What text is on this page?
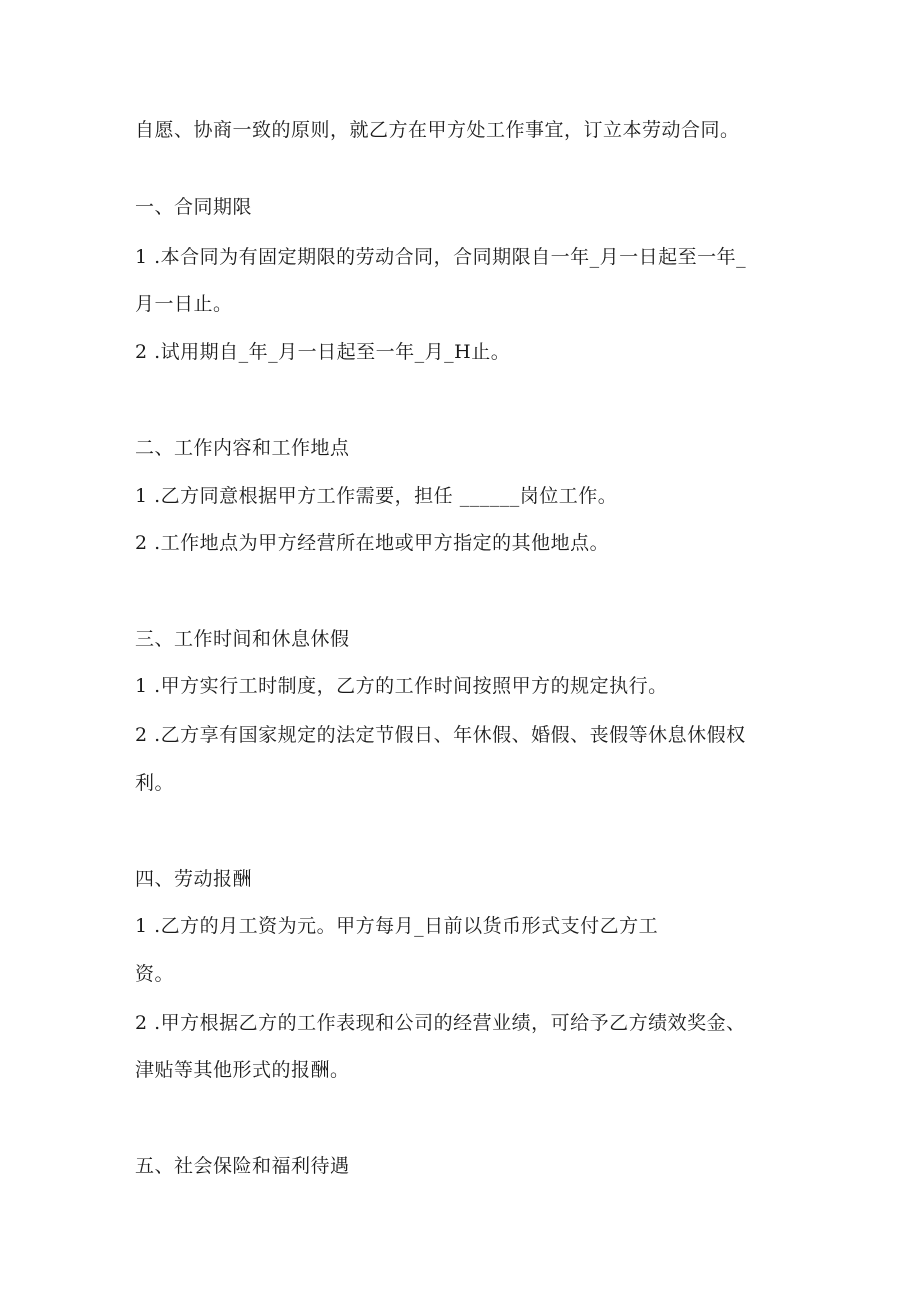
自愿、协商一致的原则，就乙方在甲方处工作事宜，订立本劳动合同。
一、合同期限
1 .本合同为有固定期限的劳动合同，合同期限自一年_月一日起至一年_
月一日止。
2 .试用期自_年_月一日起至一年_月_H止。
二、工作内容和工作地点
1 .乙方同意根据甲方工作需要，担任 ______岗位工作。
2 .工作地点为甲方经营所在地或甲方指定的其他地点。
三、工作时间和休息休假
1 .甲方实行工时制度，乙方的工作时间按照甲方的规定执行。
2 .乙方享有国家规定的法定节假日、年休假、婚假、丧假等休息休假权
利。
四、劳动报酬
1 .乙方的月工资为元。甲方每月_日前以货币形式支付乙方工
资。
2 .甲方根据乙方的工作表现和公司的经营业绩，可给予乙方绩效奖金、
津贴等其他形式的报酬。
五、社会保险和福利待遇
